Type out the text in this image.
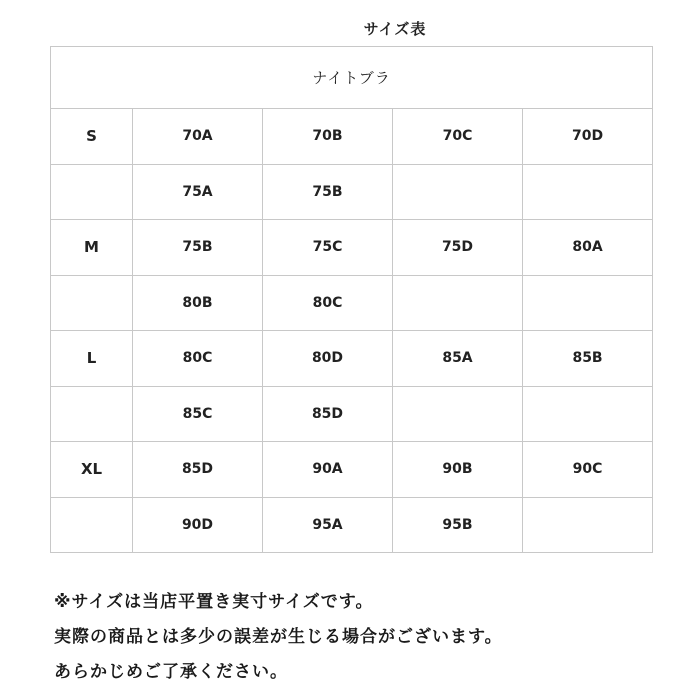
サイズ表
ナイトブラ				
S	70A	70B	70C	70D
	75A	75B		
M	75B	75C	75D	80A
	80B	80C		
L	80C	80D	85A	85B
	85C	85D		
XL	85D	90A	90B	90C
	90D	95A	95B	
※サイズは当店平置き実寸サイズです。
実際の商品とは多少の誤差が生じる場合がございます。
あらかじめご了承ください。
